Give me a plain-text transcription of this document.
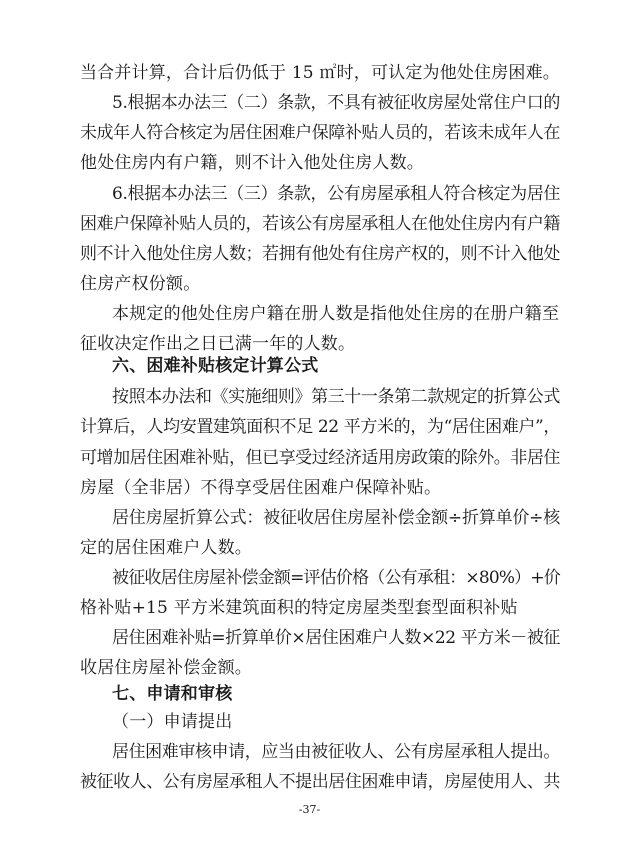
当合并计算，合计后仍低于 15 ㎡时，可认定为他处住房困难。
5.根据本办法三（二）条款，不具有被征收房屋处常住户口的
未成年人符合核定为居住困难户保障补贴人员的，若该未成年人在
他处住房内有户籍，则不计入他处住房人数。
6.根据本办法三（三）条款，公有房屋承租人符合核定为居住
困难户保障补贴人员的，若该公有房屋承租人在他处住房内有户籍
则不计入他处住房人数；若拥有他处有住房产权的，则不计入他处
住房产权份额。
本规定的他处住房户籍在册人数是指他处住房的在册户籍至
征收决定作出之日已满一年的人数。
六、困难补贴核定计算公式
按照本办法和《实施细则》第三十一条第二款规定的折算公式
计算后，人均安置建筑面积不足 22 平方米的，为“居住困难户”，
可增加居住困难补贴，但已享受过经济适用房政策的除外。非居住
房屋（全非居）不得享受居住困难户保障补贴。
居住房屋折算公式：被征收居住房屋补偿金额÷折算单价÷核
定的居住困难户人数。
被征收居住房屋补偿金额=评估价格（公有承租：×80%）+价
格补贴+15 平方米建筑面积的特定房屋类型套型面积补贴
居住困难补贴=折算单价×居住困难户人数×22 平方米－被征
收居住房屋补偿金额。
七、申请和审核
（一）申请提出
居住困难审核申请，应当由被征收人、公有房屋承租人提出。
被征收人、公有房屋承租人不提出居住困难申请，房屋使用人、共
-37-
